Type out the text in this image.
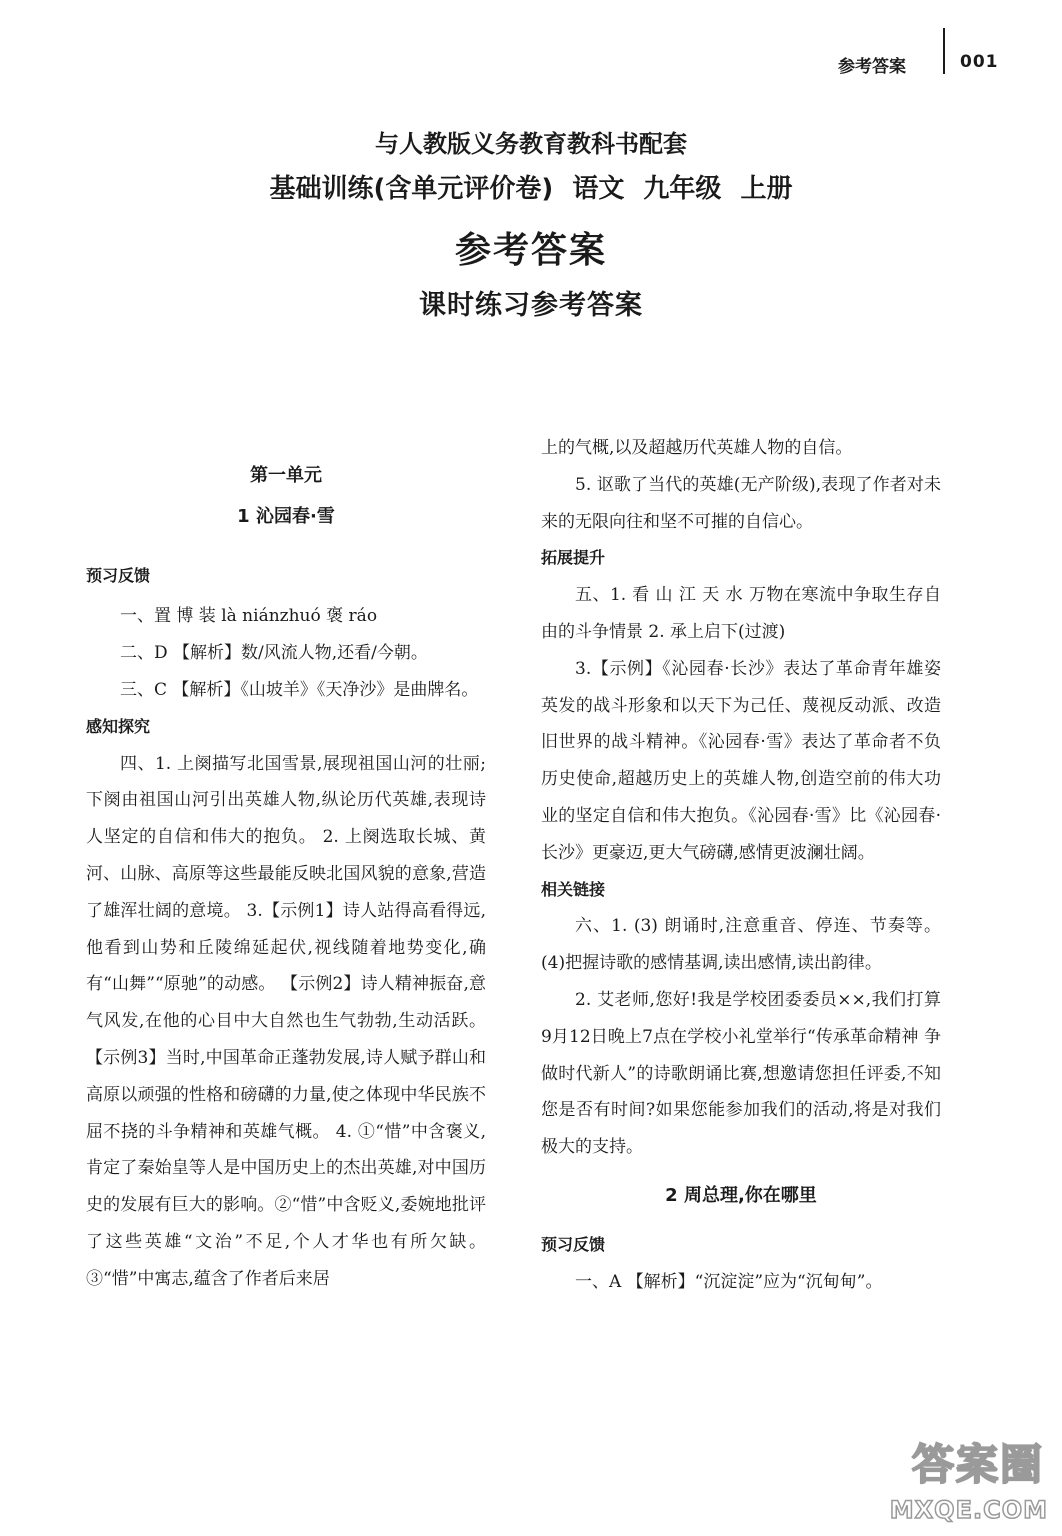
参考答案	001
与人教版义务教育教科书配套
基础训练(含单元评价卷) 语文 九年级 上册
参考答案
课时练习参考答案

第一单元

1 沁园春·雪

预习反馈

一、置 博 装 là niánzhuó 褒 ráo

二、D 【解析】数/风流人物,还看/今朝。

三、C 【解析】《山坡羊》《天净沙》是曲牌名。

感知探究

四、1. 上阕描写北国雪景,展现祖国山河的壮丽;下阕由祖国山河引出英雄人物,纵论历代英雄,表现诗人坚定的自信和伟大的抱负。 2. 上阕选取长城、黄河、山脉、高原等这些最能反映北国风貌的意象,营造了雄浑壮阔的意境。 3.【示例1】诗人站得高看得远,他看到山势和丘陵绵延起伏,视线随着地势变化,确有“山舞”“原驰”的动感。 【示例2】诗人精神振奋,意气风发,在他的心目中大自然也生气勃勃,生动活跃。 【示例3】当时,中国革命正蓬勃发展,诗人赋予群山和高原以顽强的性格和磅礴的力量,使之体现中华民族不屈不挠的斗争精神和英雄气概。 4. ①“惜”中含褒义,肯定了秦始皇等人是中国历史上的杰出英雄,对中国历史的发展有巨大的影响。②“惜”中含贬义,委婉地批评了这些英雄“文治”不足,个人才华也有所欠缺。③“惜”中寓志,蕴含了作者后来居

上的气概,以及超越历代英雄人物的自信。

5. 讴歌了当代的英雄(无产阶级),表现了作者对未来的无限向往和坚不可摧的自信心。

拓展提升

五、1. 看 山 江 天 水 万物在寒流中争取生存自由的斗争情景 2. 承上启下(过渡)

3.【示例】《沁园春·长沙》表达了革命青年雄姿英发的战斗形象和以天下为己任、蔑视反动派、改造旧世界的战斗精神。《沁园春·雪》表达了革命者不负历史使命,超越历史上的英雄人物,创造空前的伟大功业的坚定自信和伟大抱负。《沁园春·雪》比《沁园春·长沙》更豪迈,更大气磅礴,感情更波澜壮阔。

相关链接

六、1. (3) 朗诵时,注意重音、停连、节奏等。(4)把握诗歌的感情基调,读出感情,读出韵律。

2. 艾老师,您好!我是学校团委委员××,我们打算9月12日晚上7点在学校小礼堂举行“传承革命精神 争做时代新人”的诗歌朗诵比赛,想邀请您担任评委,不知您是否有时间?如果您能参加我们的活动,将是对我们极大的支持。

2 周总理,你在哪里

预习反馈

一、A 【解析】“沉淀淀”应为“沉甸甸”。

答案圈
MXQE.COM
